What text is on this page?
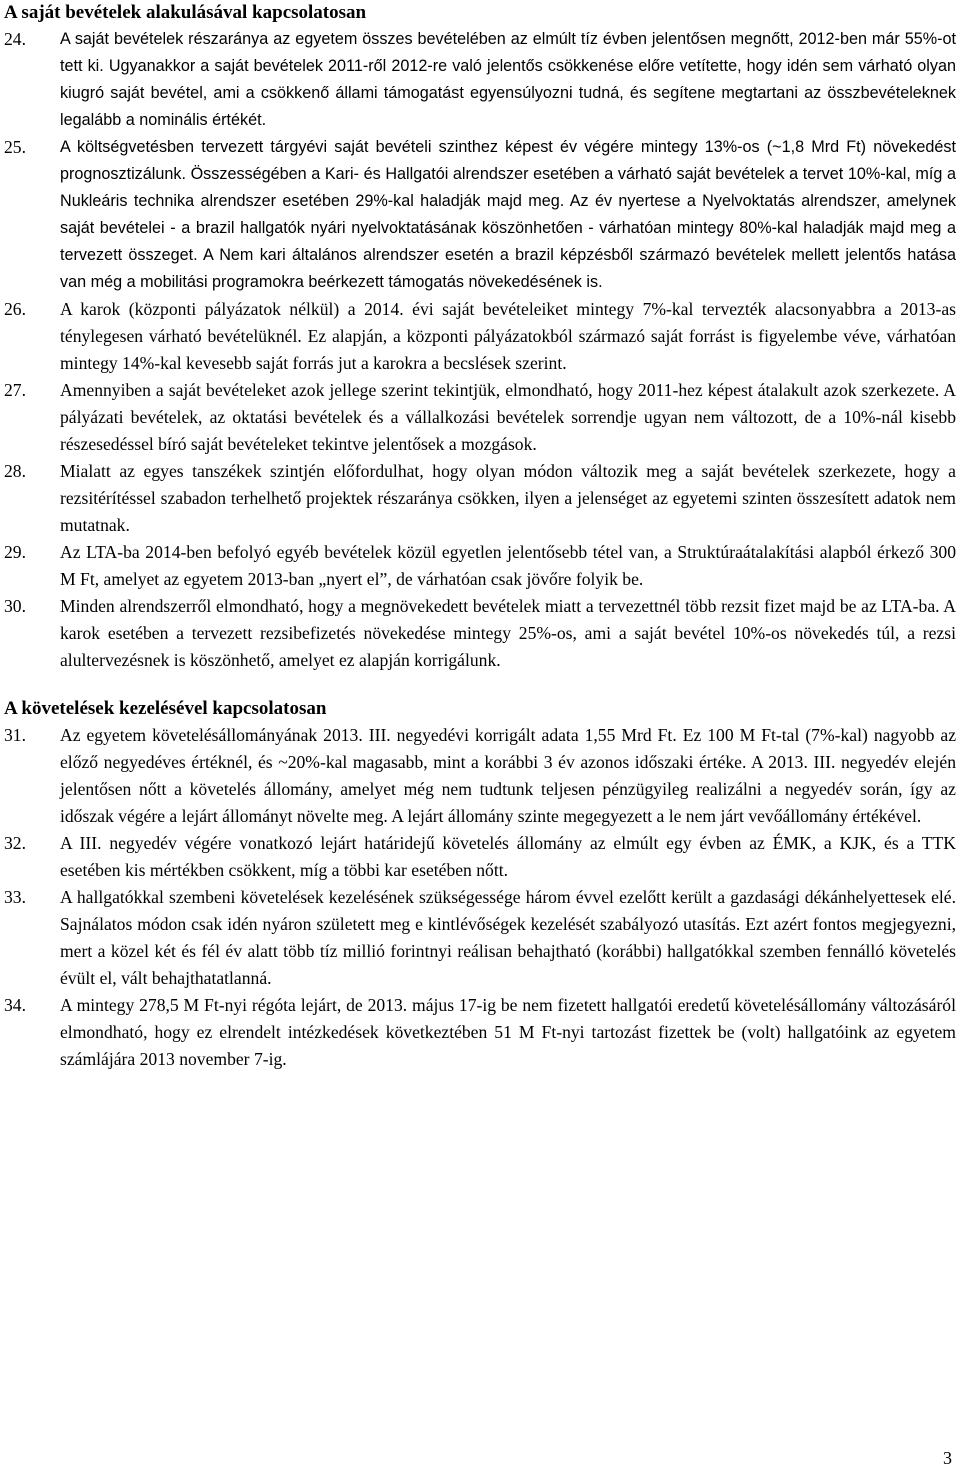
A saját bevételek alakulásával kapcsolatosan
24.	A saját bevételek részaránya az egyetem összes bevételében az elmúlt tíz évben jelentősen megnőtt, 2012-ben már 55%-ot tett ki. Ugyanakkor a saját bevételek 2011-ről 2012-re való jelentős csökkenése előre vetítette, hogy idén sem várható olyan kiugró saját bevétel, ami a csökkenő állami támogatást egyensúlyozni tudná, és segítene megtartani az összbevételeknek legalább a nominális értékét.
25.	A költségvetésben tervezett tárgyévi saját bevételi szinthez képest év végére mintegy 13%-os (~1,8 Mrd Ft) növekedést prognosztizálunk. Összességében a Kari- és Hallgatói alrendszer esetében a várható saját bevételek a tervet 10%-kal, míg a Nukleáris technika alrendszer esetében 29%-kal haladják majd meg. Az év nyertese a Nyelvoktatás alrendszer, amelynek saját bevételei - a brazil hallgatók nyári nyelvoktatásának köszönhetően - várhatóan mintegy 80%-kal haladják majd meg a tervezett összeget. A Nem kari általános alrendszer esetén a brazil képzésből származó bevételek mellett jelentős hatása van még a mobilitási programokra beérkezett támogatás növekedésének is.
26.	A karok (központi pályázatok nélkül) a 2014. évi saját bevételeiket mintegy 7%-kal tervezték alacsonyabbra a 2013-as ténylegesen várható bevételüknél. Ez alapján, a központi pályázatokból származó saját forrást is figyelembe véve, várhatóan mintegy 14%-kal kevesebb saját forrás jut a karokra a becslések szerint.
27.	Amennyiben a saját bevételeket azok jellege szerint tekintjük, elmondható, hogy 2011-hez képest átalakult azok szerkezete. A pályázati bevételek, az oktatási bevételek és a vállalkozási bevételek sorrendje ugyan nem változott, de a 10%-nál kisebb részesedéssel bíró saját bevételeket tekintve jelentősek a mozgások.
28.	Mialatt az egyes tanszékek szintjén előfordulhat, hogy olyan módon változik meg a saját bevételek szerkezete, hogy a rezsitérítéssel szabadon terhelhető projektek részaránya csökken, ilyen a jelenséget az egyetemi szinten összesített adatok nem mutatnak.
29.	Az LTA-ba 2014-ben befolyó egyéb bevételek közül egyetlen jelentősebb tétel van, a Struktúraátalakítási alapból érkező 300 M Ft, amelyet az egyetem 2013-ban „nyert el”, de várhatóan csak jövőre folyik be.
30.	Minden alrendszerről elmondható, hogy a megnövekedett bevételek miatt a tervezettnél több rezsit fizet majd be az LTA-ba. A karok esetében a tervezett rezsibefizetés növekedése mintegy 25%-os, ami a saját bevétel 10%-os növekedés túl, a rezsi alultervezésnek is köszönhető, amelyet ez alapján korrigálunk.
A követelések kezelésével kapcsolatosan
31.	Az egyetem követelésállományának 2013. III. negyedévi korrigált adata 1,55 Mrd Ft. Ez 100 M Ft-tal (7%-kal) nagyobb az előző negyedéves értéknél, és ~20%-kal magasabb, mint a korábbi 3 év azonos időszaki értéke. A 2013. III. negyedév elején jelentősen nőtt a követelés állomány, amelyet még nem tudtunk teljesen pénzügyileg realizálni a negyedév során, így az időszak végére a lejárt állományt növelte meg. A lejárt állomány szinte megegyezett a le nem járt vevőállomány értékével.
32.	A III. negyedév végére vonatkozó lejárt határidejű követelés állomány az elmúlt egy évben az ÉMK, a KJK, és a TTK esetében kis mértékben csökkent, míg a többi kar esetében nőtt.
33.	A hallgatókkal szembeni követelések kezelésének szükségessége három évvel ezelőtt került a gazdasági dékánhelyettesek elé. Sajnálatos módon csak idén nyáron született meg e kintlévőségek kezelését szabályozó utasítás. Ezt azért fontos megjegyezni, mert a közel két és fél év alatt több tíz millió forintnyi reálisan behajtható (korábbi) hallgatókkal szemben fennálló követelés évült el, vált behajthatatlanná.
34.	A mintegy 278,5 M Ft-nyi régóta lejárt, de 2013. május 17-ig be nem fizetett hallgatói eredetű követelésállomány változásáról elmondható, hogy ez elrendelt intézkedések következtében 51 M Ft-nyi tartozást fizettek be (volt) hallgatóink az egyetem számlájára 2013 november 7-ig.
3
